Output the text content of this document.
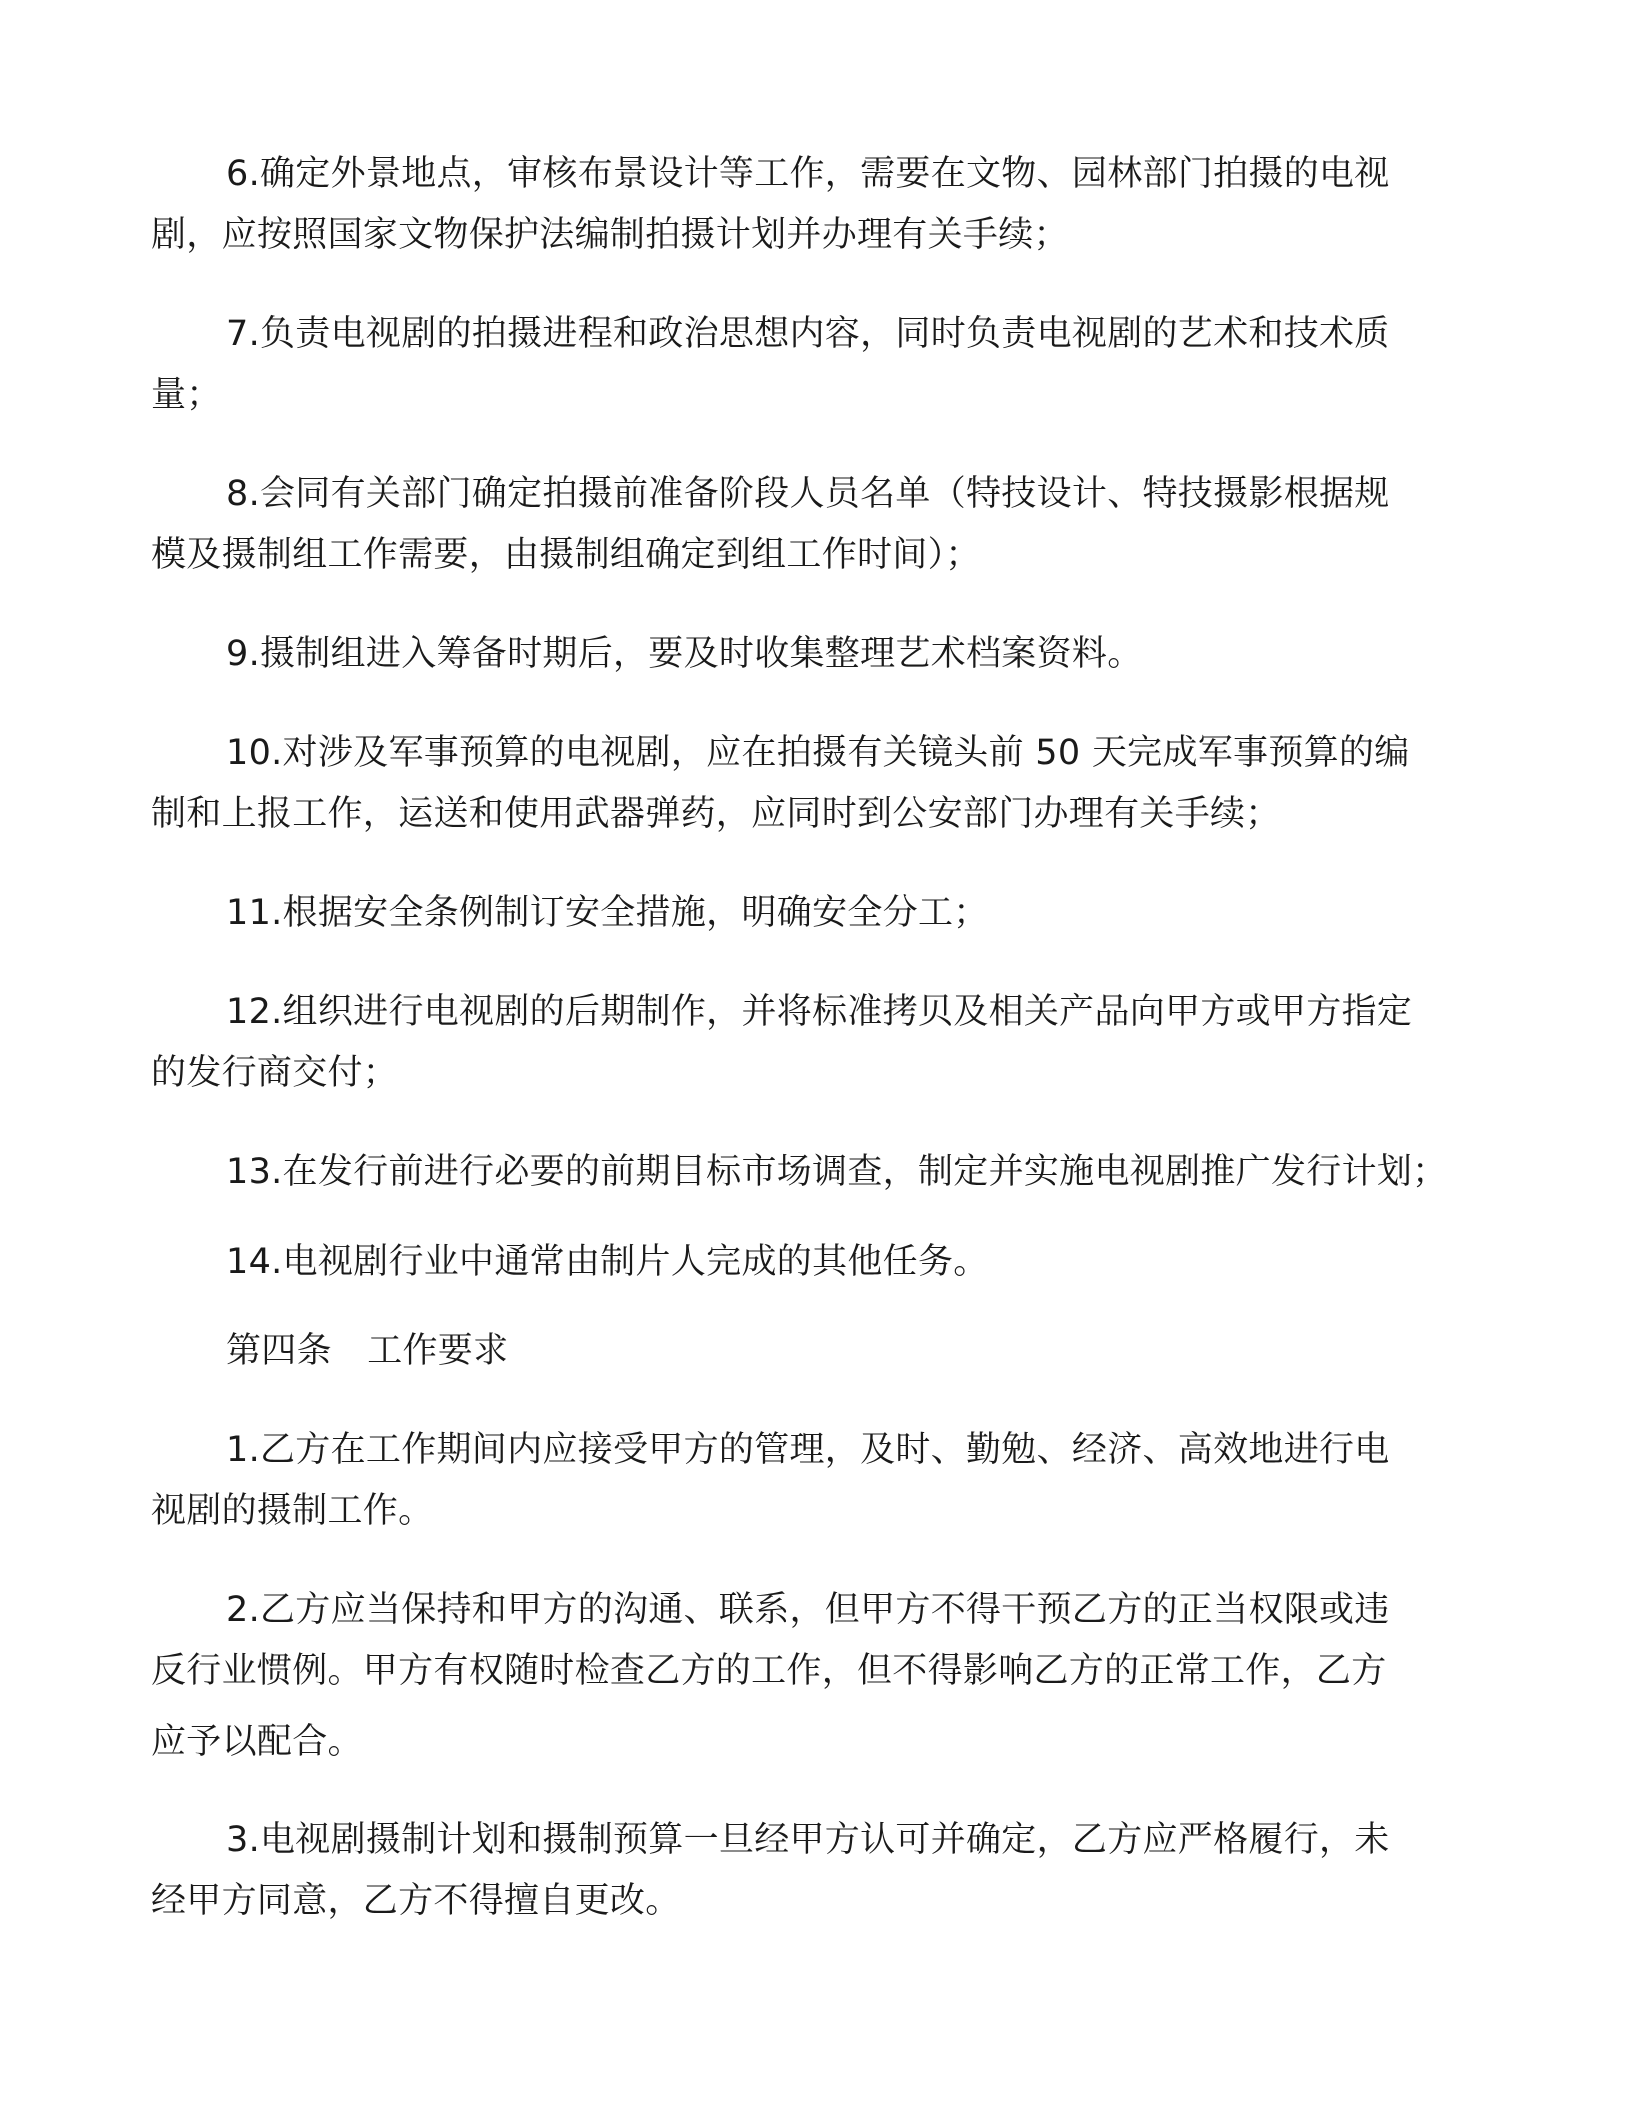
6.确定外景地点，审核布景设计等工作，需要在文物、园林部门拍摄的电视
剧，应按照国家文物保护法编制拍摄计划并办理有关手续；
7.负责电视剧的拍摄进程和政治思想内容，同时负责电视剧的艺术和技术质
量；
8.会同有关部门确定拍摄前准备阶段人员名单（特技设计、特技摄影根据规
模及摄制组工作需要，由摄制组确定到组工作时间）；
9.摄制组进入筹备时期后，要及时收集整理艺术档案资料。
10.对涉及军事预算的电视剧，应在拍摄有关镜头前 50 天完成军事预算的编
制和上报工作，运送和使用武器弹药，应同时到公安部门办理有关手续；
11.根据安全条例制订安全措施，明确安全分工；
12.组织进行电视剧的后期制作，并将标准拷贝及相关产品向甲方或甲方指定
的发行商交付；
13.在发行前进行必要的前期目标市场调查，制定并实施电视剧推广发行计划；
14.电视剧行业中通常由制片人完成的其他任务。
第四条　工作要求
1.乙方在工作期间内应接受甲方的管理，及时、勤勉、经济、高效地进行电
视剧的摄制工作。
2.乙方应当保持和甲方的沟通、联系，但甲方不得干预乙方的正当权限或违
反行业惯例。甲方有权随时检查乙方的工作，但不得影响乙方的正常工作，乙方
应予以配合。
3.电视剧摄制计划和摄制预算一旦经甲方认可并确定，乙方应严格履行，未
经甲方同意，乙方不得擅自更改。
